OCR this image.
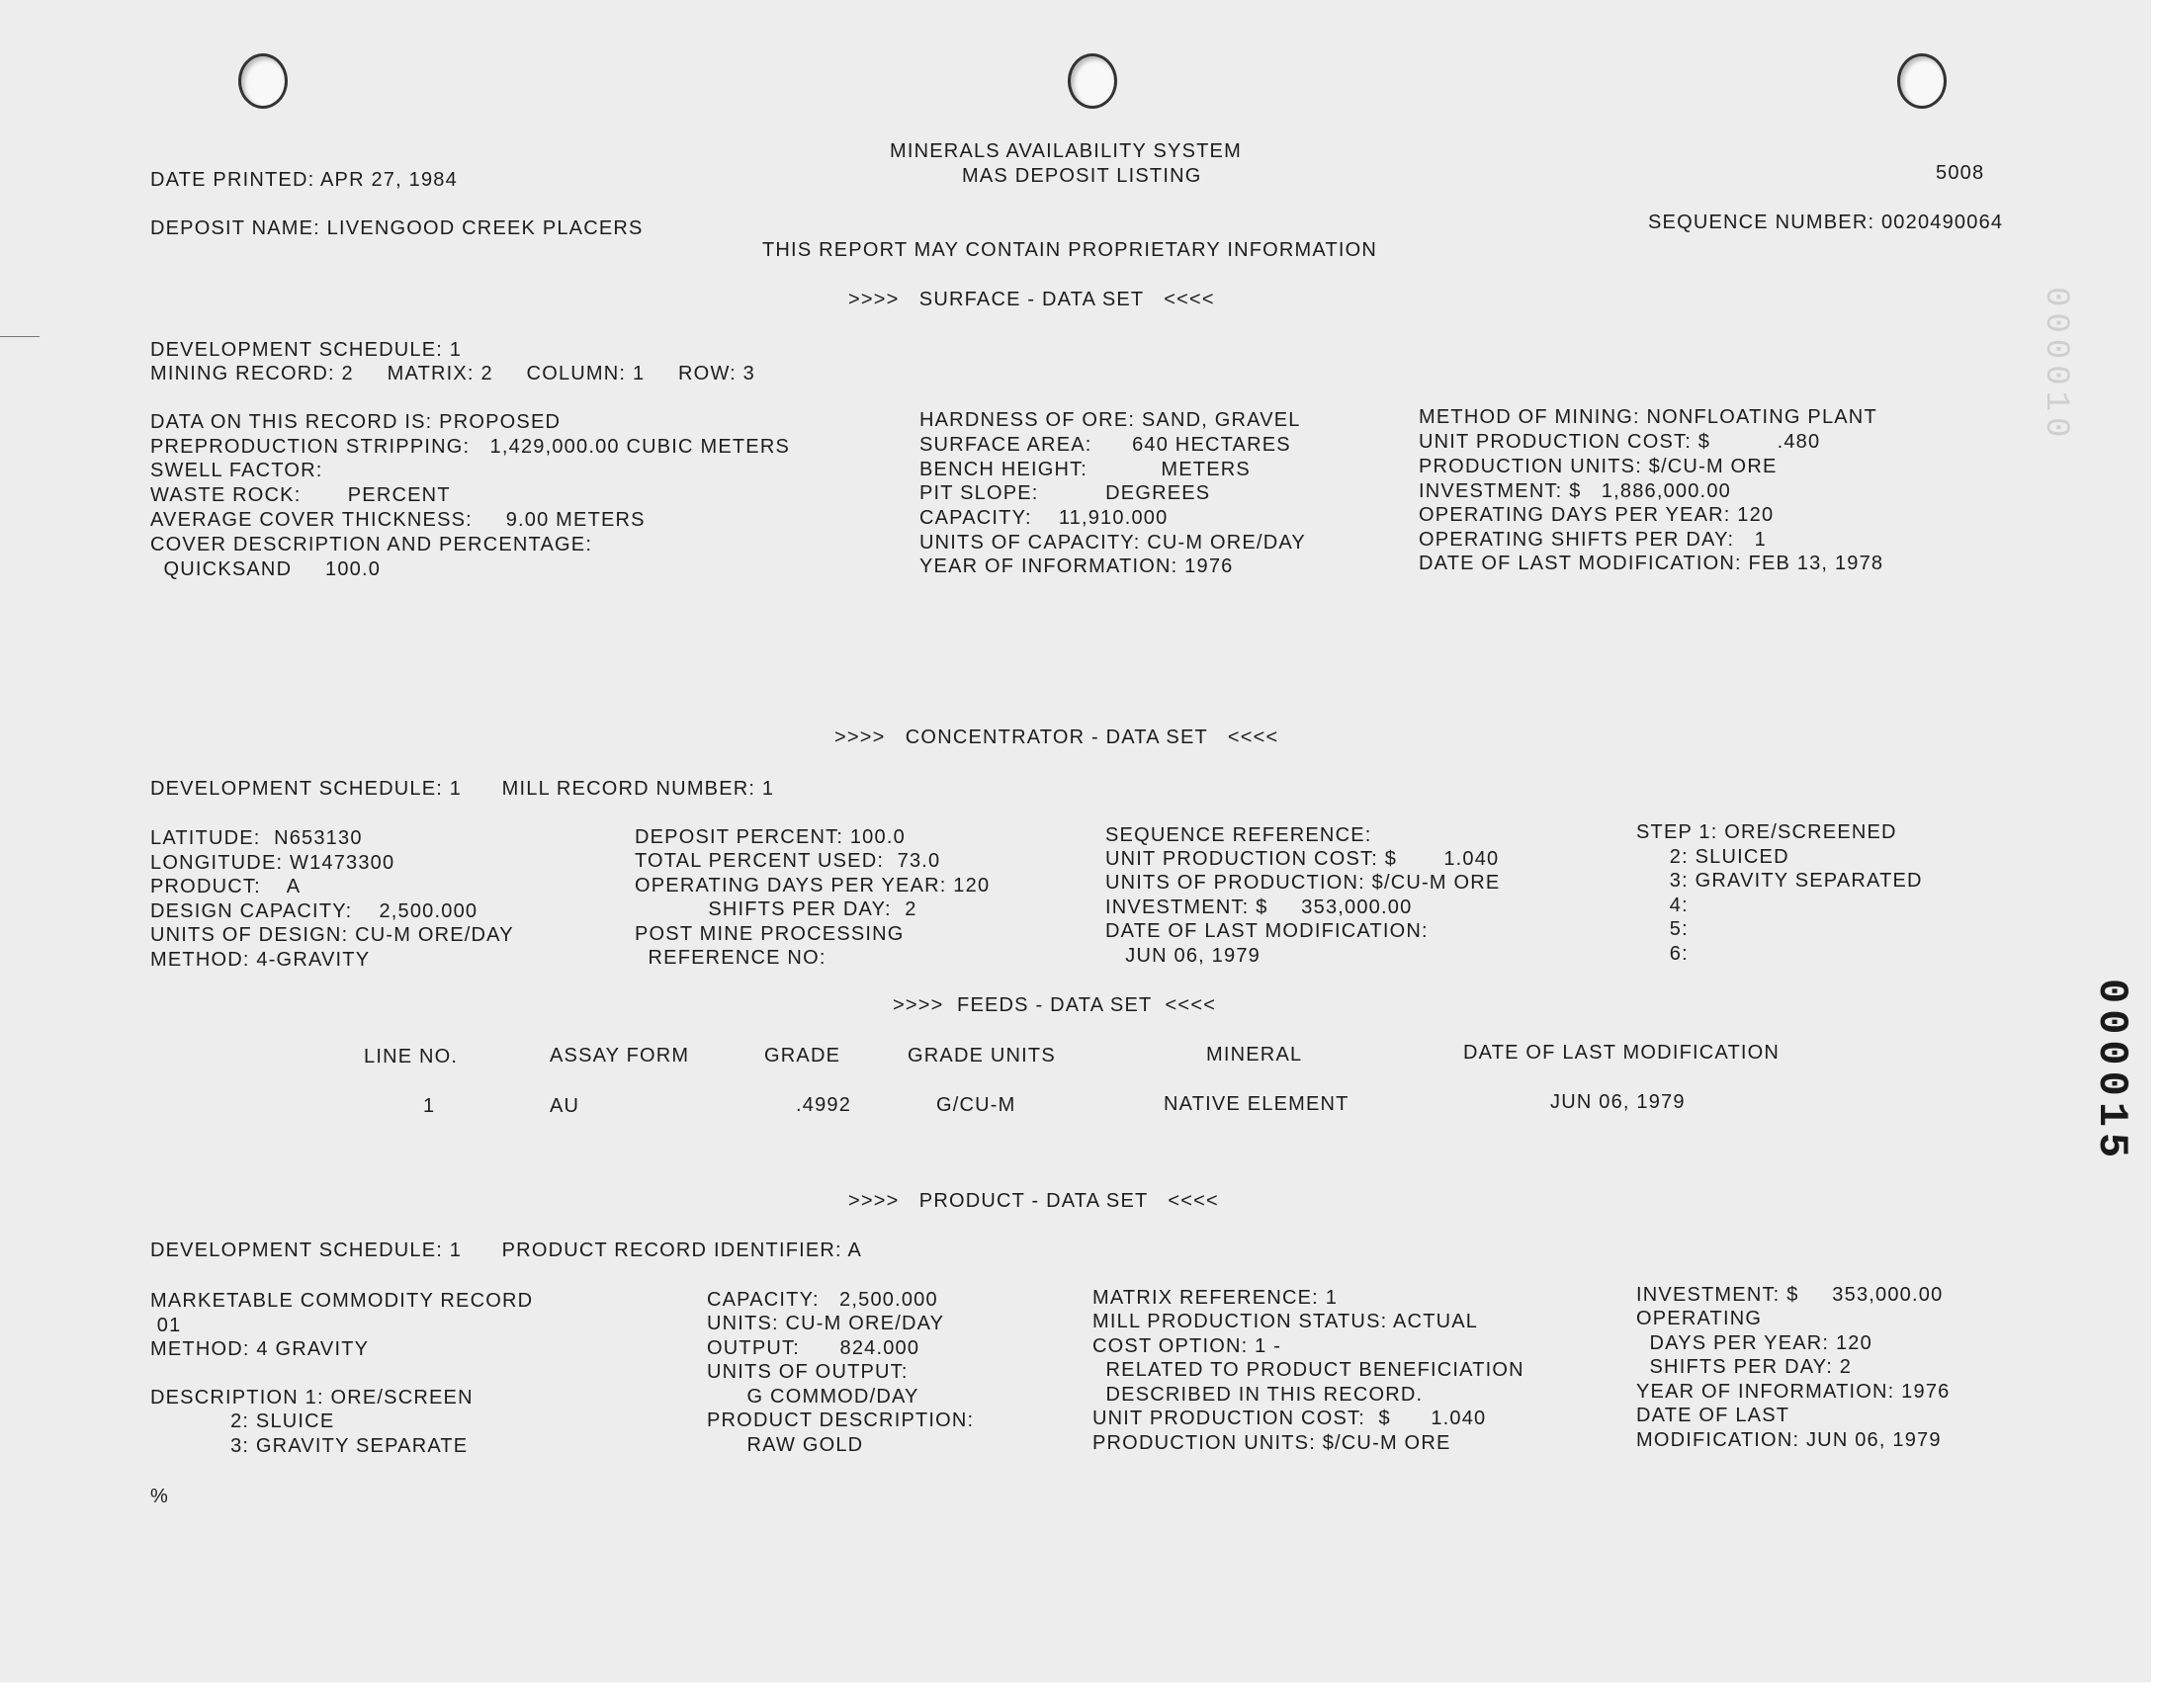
MINERALS AVAILABILITY SYSTEM
MAS DEPOSIT LISTING	5008
DATE PRINTED: APR 27, 1984
DEPOSIT NAME: LIVENGOOD CREEK PLACERS	SEQUENCE NUMBER: 0020490064
THIS REPORT MAY CONTAIN PROPRIETARY INFORMATION
>>>>   SURFACE - DATA SET   <<<<
DEVELOPMENT SCHEDULE: 1
MINING RECORD: 2     MATRIX: 2     COLUMN: 1     ROW: 3
DATA ON THIS RECORD IS: PROPOSED
PREPRODUCTION STRIPPING:   1,429,000.00 CUBIC METERS
SWELL FACTOR:
WASTE ROCK:       PERCENT
AVERAGE COVER THICKNESS:     9.00 METERS
COVER DESCRIPTION AND PERCENTAGE:
QUICKSAND     100.0
HARDNESS OF ORE: SAND, GRAVEL
SURFACE AREA:      640 HECTARES
BENCH HEIGHT:           METERS
PIT SLOPE:          DEGREES
CAPACITY:    11,910.000
UNITS OF CAPACITY: CU-M ORE/DAY
YEAR OF INFORMATION: 1976
METHOD OF MINING: NONFLOATING PLANT
UNIT PRODUCTION COST: $          .480
PRODUCTION UNITS: $/CU-M ORE
INVESTMENT: $   1,886,000.00
OPERATING DAYS PER YEAR: 120
OPERATING SHIFTS PER DAY:   1
DATE OF LAST MODIFICATION: FEB 13, 1978
>>>>   CONCENTRATOR - DATA SET   <<<<
DEVELOPMENT SCHEDULE: 1      MILL RECORD NUMBER: 1
LATITUDE:  N653130
LONGITUDE: W1473300
PRODUCT:    A
DESIGN CAPACITY:    2,500.000
UNITS OF DESIGN: CU-M ORE/DAY
METHOD: 4-GRAVITY
DEPOSIT PERCENT: 100.0
TOTAL PERCENT USED:  73.0
OPERATING DAYS PER YEAR: 120
SHIFTS PER DAY:  2
POST MINE PROCESSING
REFERENCE NO:
SEQUENCE REFERENCE:
UNIT PRODUCTION COST: $       1.040
UNITS OF PRODUCTION: $/CU-M ORE
INVESTMENT: $     353,000.00
DATE OF LAST MODIFICATION:
JUN 06, 1979
STEP 1: ORE/SCREENED
2: SLUICED
3: GRAVITY SEPARATED
4:
5:
6:
>>>>  FEEDS - DATA SET  <<<<
LINE NO.	ASSAY FORM	GRADE	GRADE UNITS	MINERAL	DATE OF LAST MODIFICATION
1	AU	.4992	G/CU-M	NATIVE ELEMENT	JUN 06, 1979
>>>>   PRODUCT - DATA SET   <<<<
DEVELOPMENT SCHEDULE: 1      PRODUCT RECORD IDENTIFIER: A
MARKETABLE COMMODITY RECORD
01
METHOD: 4 GRAVITY
DESCRIPTION 1: ORE/SCREEN
2: SLUICE
3: GRAVITY SEPARATE
CAPACITY:   2,500.000
UNITS: CU-M ORE/DAY
OUTPUT:      824.000
UNITS OF OUTPUT:
G COMMOD/DAY
PRODUCT DESCRIPTION:
RAW GOLD
MATRIX REFERENCE: 1
MILL PRODUCTION STATUS: ACTUAL
COST OPTION: 1 -
RELATED TO PRODUCT BENEFICIATION
DESCRIBED IN THIS RECORD.
UNIT PRODUCTION COST:  $      1.040
PRODUCTION UNITS: $/CU-M ORE
INVESTMENT: $     353,000.00
OPERATING
DAYS PER YEAR: 120
SHIFTS PER DAY: 2
YEAR OF INFORMATION: 1976
DATE OF LAST
MODIFICATION: JUN 06, 1979
%
000010
000015
